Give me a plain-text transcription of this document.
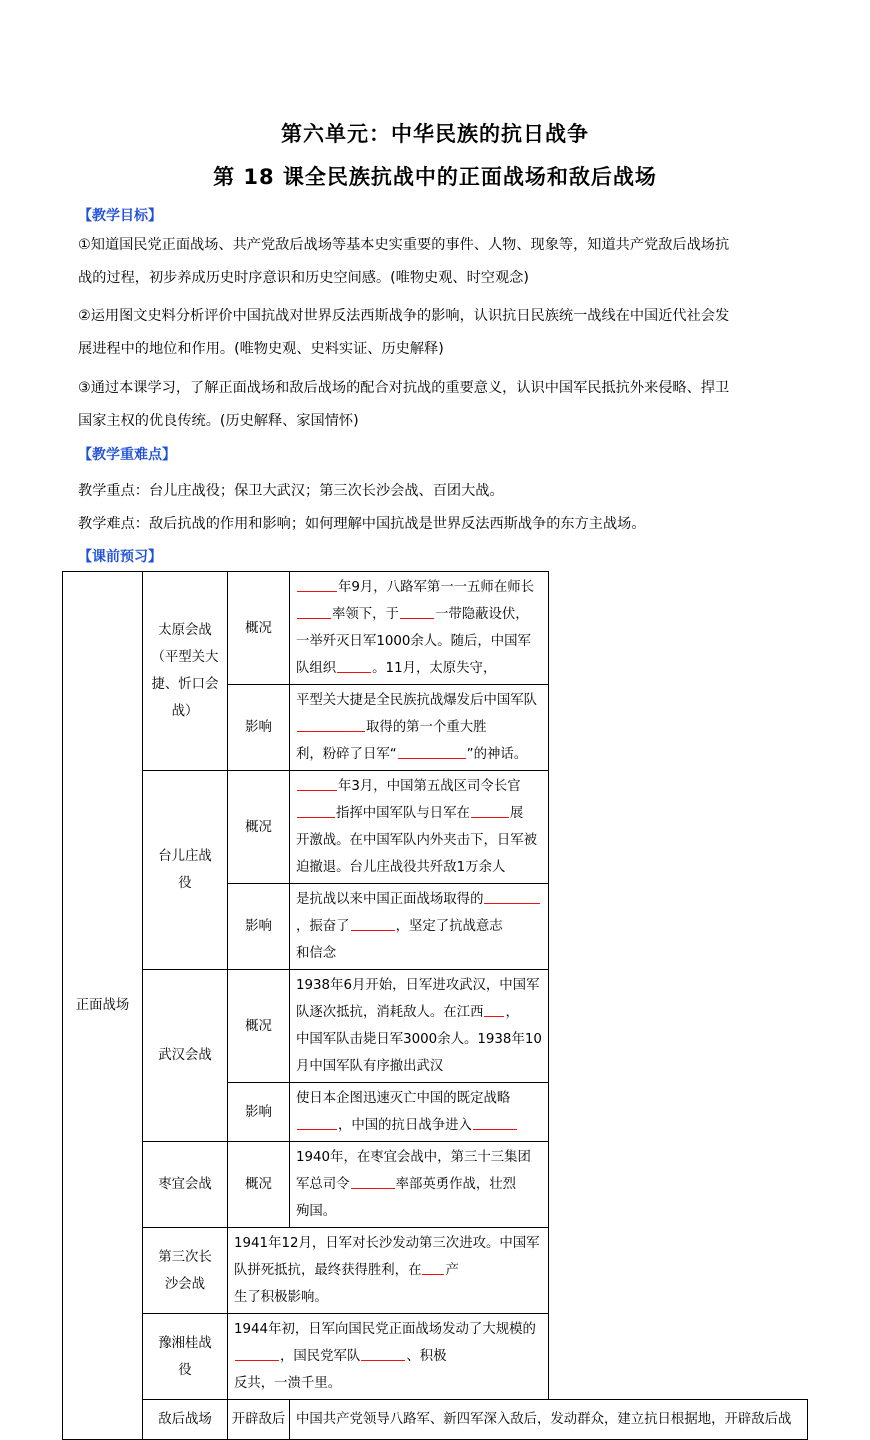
第六单元：中华民族的抗日战争
第 18 课全民族抗战中的正面战场和敌后战场
【教学目标】
①知道国民党正面战场、共产党敌后战场等基本史实重要的事件、人物、现象等，知道共产党敌后战场抗
战的过程，初步养成历史时序意识和历史空间感。(唯物史观、时空观念)
②运用图文史料分析评价中国抗战对世界反法西斯战争的影响，认识抗日民族统一战线在中国近代社会发
展进程中的地位和作用。(唯物史观、史料实证、历史解释)
③通过本课学习，了解正面战场和敌后战场的配合对抗战的重要意义，认识中国军民抵抗外来侵略、捍卫
国家主权的优良传统。(历史解释、家国情怀)
【教学重难点】
教学重点：台儿庄战役；保卫大武汉；第三次长沙会战、百团大战。
教学难点：敌后抗战的作用和影响；如何理解中国抗战是世界反法西斯战争的东方主战场。
【课前预习】
正面战场	太原会战（平型关大捷、忻口会战）	概况	年9月，八路军第一一五师在师长率领下，于 一带隐蔽设伏，
一举歼灭日军1000余人。随后，中国军队组织 。11月，太原失守，
		影响	平型关大捷是全民族抗战爆发后中国军队取得的第一个重大胜
利，粉碎了日军“ ”的神话。
	台儿庄战役	概况	年3月，中国第五战区司令长官指挥中国军队与日军在 展
开激战。在中国军队内外夹击下，日军被迫撤退。台儿庄战役共歼敌1万余人
		影响	是抗战以来中国正面战场取得的，振奋了 ，坚定了抗战意志
和信念
	武汉会战	概况	1938年6月开始，日军进攻武汉，中国军队逐次抵抗，消耗敌人。在江西 ，
中国军队击毙日军3000余人。1938年10月中国军队有序撤出武汉
		影响	使日本企图迅速灭亡中国的既定战略，中国的抗日战争进入
	枣宜会战	概况	1940年，在枣宜会战中，第三十三集团军总司令 率部英勇作战，壮烈
殉国。
	第三次长沙会战	1941年12月，日军对长沙发动第三次进攻。中国军队拼死抵抗，最终获得胜利，在 产
生了积极影响。	
	豫湘桂战役	1944年初，日军向国民党正面战场发动了大规模的，国民党军队 、积极
反共，一溃千里。	
	敌后战场	开辟敌后	中国共产党领导八路军、新四军深入敌后，发动群众，建立抗日根据地，开辟敌后战
